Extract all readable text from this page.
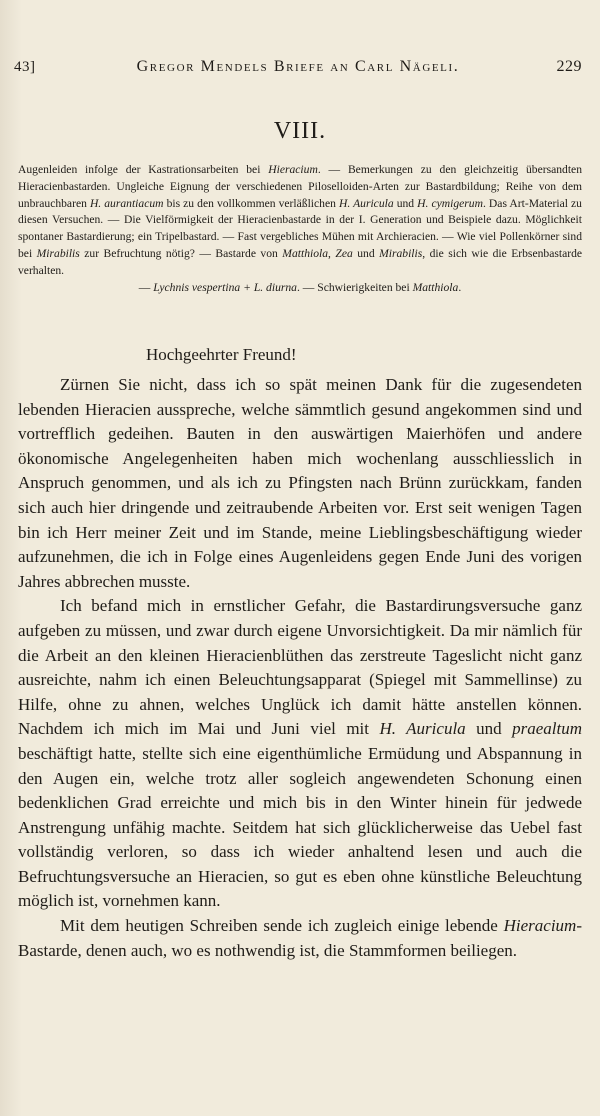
43]	Gregor Mendels Briefe an Carl Nägeli.	229
VIII.

Augenleiden infolge der Kastrationsarbeiten bei Hieracium. — Bemerkungen zu den gleichzeitig übersandten Hieracienbastarden. Ungleiche Eignung der verschiedenen Piloselloiden-Arten zur Bastardbildung; Reihe von dem unbrauchbaren H. aurantiacum bis zu den vollkommen verläßlichen H. Auricula und H. cymigerum. Das Art-Material zu diesen Versuchen. — Die Vielförmigkeit der Hieracienbastarde in der I. Generation und Beispiele dazu. Möglichkeit spontaner Bastardierung; ein Tripelbastard. — Fast vergebliches Mühen mit Archieracien. — Wie viel Pollenkörner sind bei Mirabilis zur Befruchtung nötig? — Bastarde von Matthiola, Zea und Mirabilis, die sich wie die Erbsenbastarde verhalten.

— Lychnis vespertina + L. diurna. — Schwierigkeiten bei Matthiola.

Hochgeehrter Freund!

Zürnen Sie nicht, dass ich so spät meinen Dank für die zugesendeten lebenden Hieracien ausspreche, welche sämmtlich gesund angekommen sind und vortrefflich gedeihen. Bauten in den auswärtigen Maierhöfen und andere ökonomische Angelegenheiten haben mich wochenlang ausschliesslich in Anspruch genommen, und als ich zu Pfingsten nach Brünn zurückkam, fanden sich auch hier dringende und zeitraubende Arbeiten vor. Erst seit wenigen Tagen bin ich Herr meiner Zeit und im Stande, meine Lieblingsbeschäftigung wieder aufzunehmen, die ich in Folge eines Augenleidens gegen Ende Juni des vorigen Jahres abbrechen musste.

Ich befand mich in ernstlicher Gefahr, die Bastardirungsversuche ganz aufgeben zu müssen, und zwar durch eigene Unvorsichtigkeit. Da mir nämlich für die Arbeit an den kleinen Hieracienblüthen das zerstreute Tageslicht nicht ganz ausreichte, nahm ich einen Beleuchtungsapparat (Spiegel mit Sammellinse) zu Hilfe, ohne zu ahnen, welches Unglück ich damit hätte anstellen können. Nachdem ich mich im Mai und Juni viel mit H. Auricula und praealtum beschäftigt hatte, stellte sich eine eigenthümliche Ermüdung und Abspannung in den Augen ein, welche trotz aller sogleich angewendeten Schonung einen bedenklichen Grad erreichte und mich bis in den Winter hinein für jedwede Anstrengung unfähig machte. Seitdem hat sich glücklicherweise das Uebel fast vollständig verloren, so dass ich wieder anhaltend lesen und auch die Befruchtungsversuche an Hieracien, so gut es eben ohne künstliche Beleuchtung möglich ist, vornehmen kann.

Mit dem heutigen Schreiben sende ich zugleich einige lebende Hieracium-Bastarde, denen auch, wo es nothwendig ist, die Stammformen beiliegen.
